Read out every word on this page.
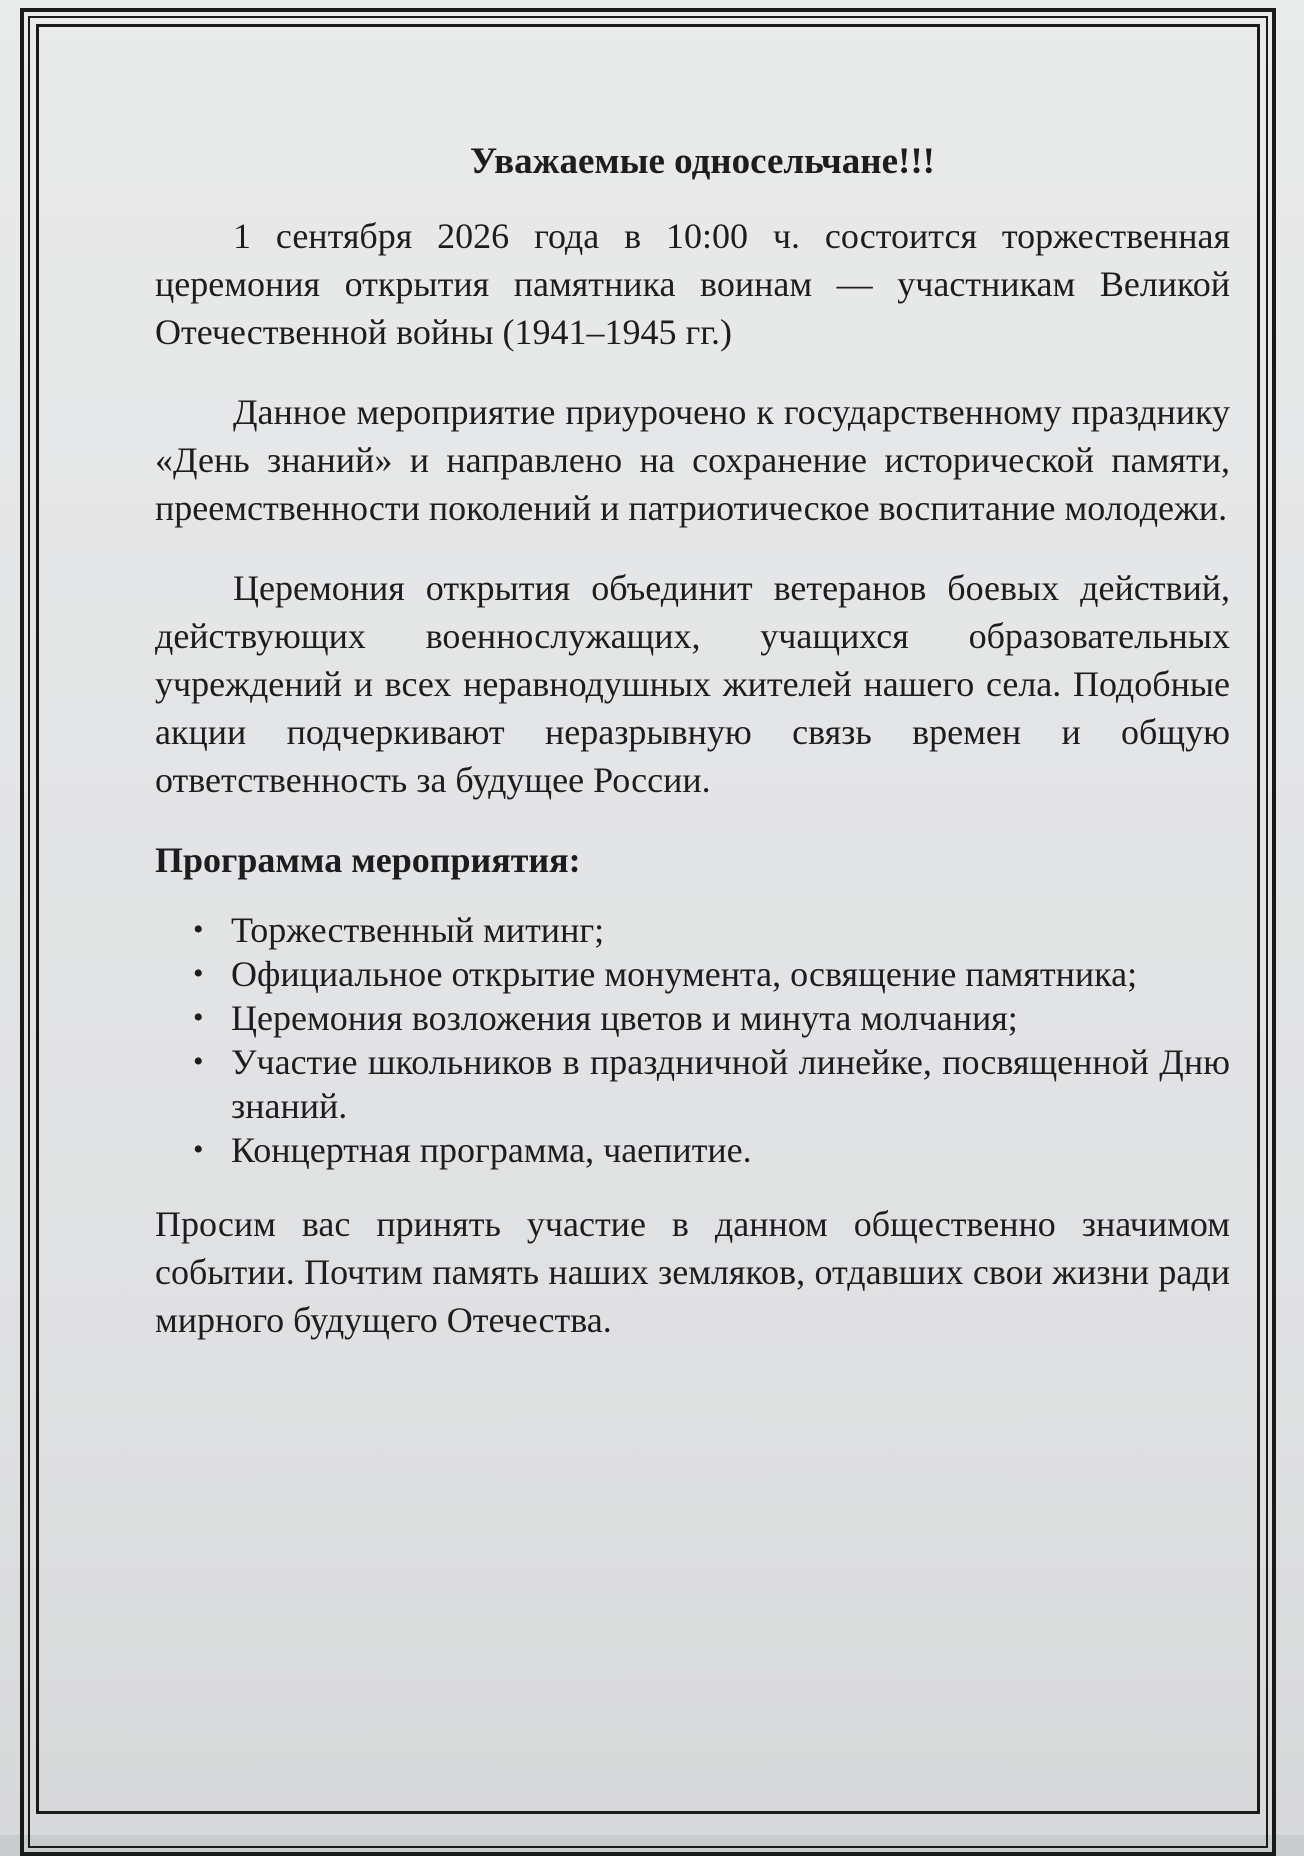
Уважаемые односельчане!!!

1 сентября 2026 года в 10:00 ч. состоится торжественная церемония открытия памятника воинам — участникам Великой Отечественной войны (1941–1945 гг.)

Данное мероприятие приурочено к государственному празднику «День знаний» и направлено на сохранение исторической памяти, преемственности поколений и патриотическое воспитание молодежи.

Церемония открытия объединит ветеранов боевых действий, действующих военнослужащих, учащихся образовательных учреждений и всех неравнодушных жителей нашего села. Подобные акции подчеркивают неразрывную связь времен и общую ответственность за будущее России.

Программа мероприятия:
• Торжественный митинг;
• Официальное открытие монумента, освящение памятника;
• Церемония возложения цветов и минута молчания;
• Участие школьников в праздничной линейке, посвященной Дню знаний.
• Концертная программа, чаепитие.

Просим вас принять участие в данном общественно значимом событии. Почтим память наших земляков, отдавших свои жизни ради мирного будущего Отечества.
